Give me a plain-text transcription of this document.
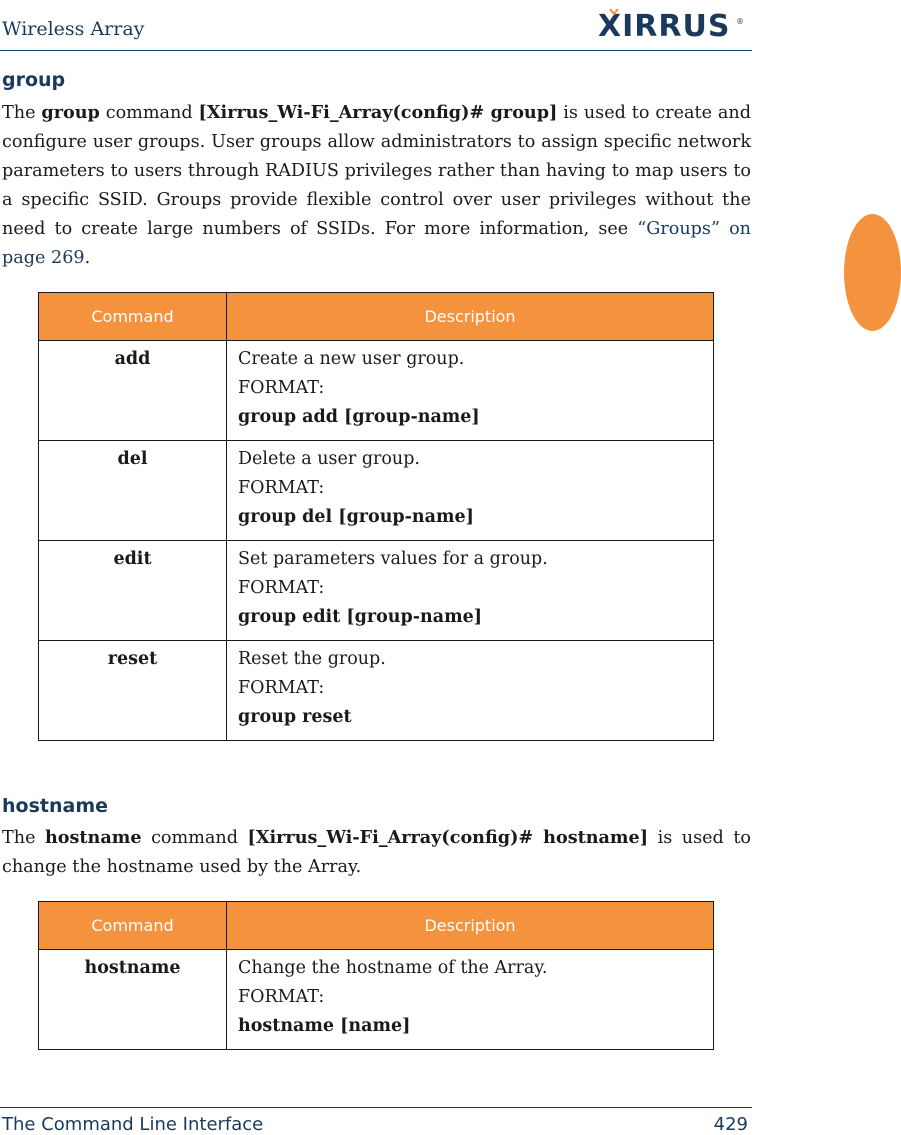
Wireless Array	XIRRUS ®
group
The group command [Xirrus_Wi-Fi_Array(config)# group] is used to create and configure user groups. User groups allow administrators to assign specific network parameters to users through RADIUS privileges rather than having to map users to a specific SSID. Groups provide flexible control over user privileges without the need to create large numbers of SSIDs. For more information, see “Groups” on page 269.
Command	Description

add	Create a new user group.
FORMAT:
group add [group-name]

del	Delete a user group.
FORMAT:
group del [group-name]

edit	Set parameters values for a group.
FORMAT:
group edit [group-name]

reset	Reset the group.
FORMAT:
group reset
hostname
The hostname command [Xirrus_Wi-Fi_Array(config)# hostname] is used to change the hostname used by the Array.
Command	Description

hostname	Change the hostname of the Array.
FORMAT:
hostname [name]
The Command Line Interface	429
